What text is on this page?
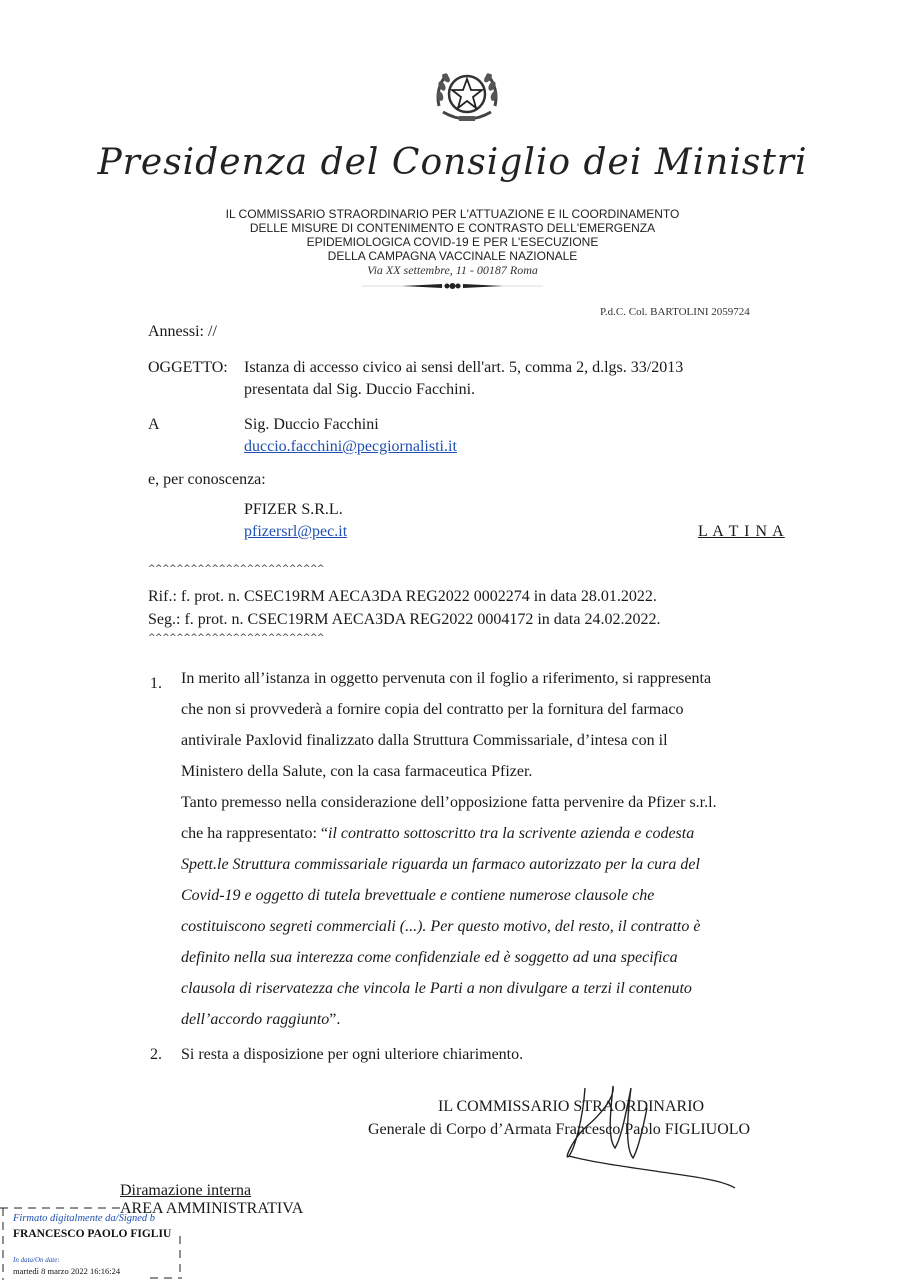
Presidenza del Consiglio dei Ministri
IL COMMISSARIO STRAORDINARIO PER L'ATTUAZIONE E IL COORDINAMENTO
DELLE MISURE DI CONTENIMENTO E CONTRASTO DELL'EMERGENZA
EPIDEMIOLOGICA COVID-19 E PER L'ESECUZIONE
DELLA CAMPAGNA VACCINALE NAZIONALE
Via XX settembre, 11 - 00187 Roma
P.d.C. Col. BARTOLINI 2059724
Annessi: //
OGGETTO: Istanza di accesso civico ai sensi dell'art. 5, comma 2, d.lgs. 33/2013
presentata dal Sig. Duccio Facchini.
A	Sig. Duccio Facchini
duccio.facchini@pecgiornalisti.it
e, per conoscenza:
PFIZER S.R.L.
pfizersrl@pec.it	L A T I N A
^^^^^^^^^^^^^^^^^^^^^^^^^
Rif.: f. prot. n. CSEC19RM AECA3DA REG2022 0002274 in data 28.01.2022.
Seg.: f. prot. n. CSEC19RM AECA3DA REG2022 0004172 in data 24.02.2022.
^^^^^^^^^^^^^^^^^^^^^^^^^
1. In merito all’istanza in oggetto pervenuta con il foglio a riferimento, si rappresenta
che non si provvederà a fornire copia del contratto per la fornitura del farmaco
antivirale Paxlovid finalizzato dalla Struttura Commissariale, d’intesa con il
Ministero della Salute, con la casa farmaceutica Pfizer.
Tanto premesso nella considerazione dell’opposizione fatta pervenire da Pfizer s.r.l.
che ha rappresentato: “il contratto sottoscritto tra la scrivente azienda e codesta
Spett.le Struttura commissariale riguarda un farmaco autorizzato per la cura del
Covid-19 e oggetto di tutela brevettuale e contiene numerose clausole che
costituiscono segreti commerciali (...). Per questo motivo, del resto, il contratto è
definito nella sua interezza come confidenziale ed è soggetto ad una specifica
clausola di riservatezza che vincola le Parti a non divulgare a terzi il contenuto
dell’accordo raggiunto”.
2. Si resta a disposizione per ogni ulteriore chiarimento.
IL COMMISSARIO STRAORDINARIO
Generale di Corpo d’Armata Francesco Paolo FIGLIUOLO
Diramazione interna
AREA AMMINISTRATIVA
Firmato digitalmente da/Signed b
FRANCESCO PAOLO FIGLIU
In data/On date:
martedì 8 marzo 2022 16:16:24
